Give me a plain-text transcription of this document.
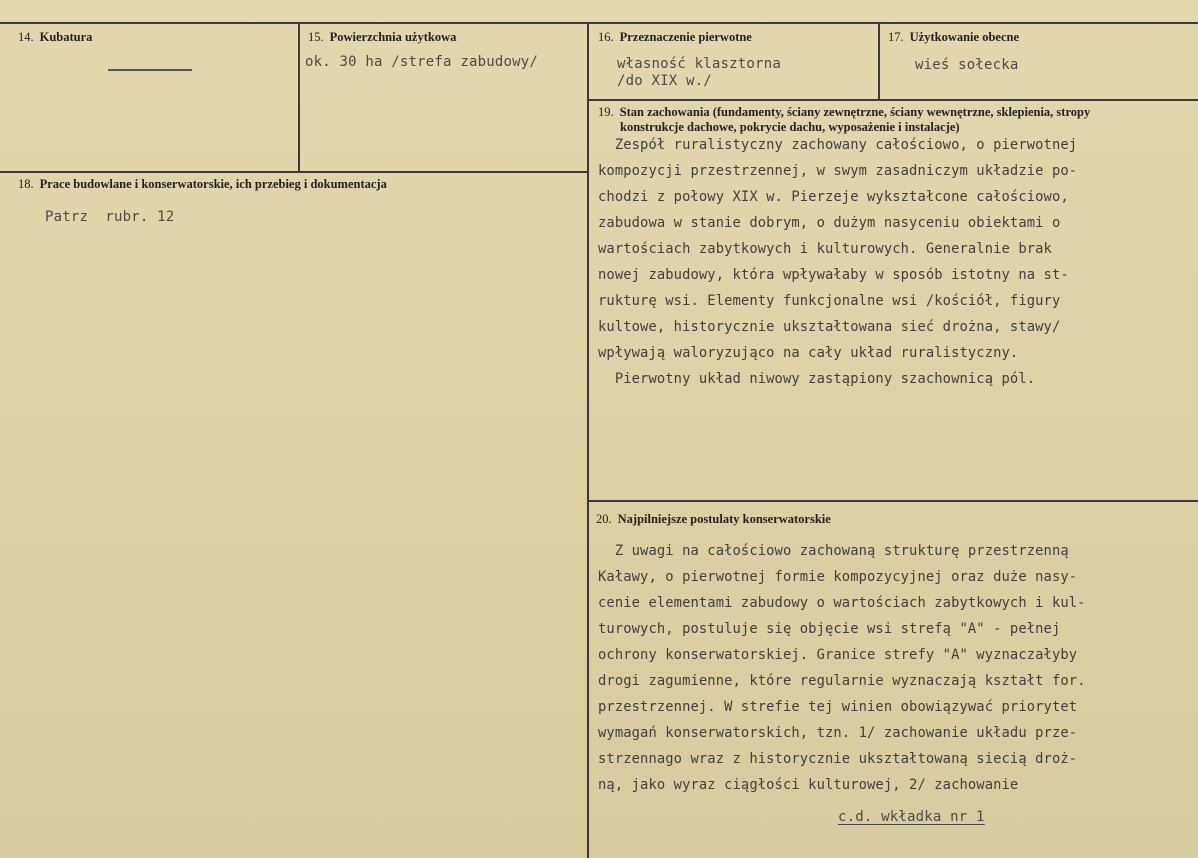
14. Kubatura	15. Powierzchnia użytkowa
ok. 30 ha /strefa zabudowy/
16. Przeznaczenie pierwotne
własność klasztorna
/do XIX w./
17. Użytkowanie obecne
wieś sołecka
18. Prace budowlane i konserwatorskie, ich przebieg i dokumentacja
Patrz  rubr. 12
19. Stan zachowania (fundamenty, ściany zewnętrzne, ściany wewnętrzne, sklepienia, stropy
konstrukcje dachowe, pokrycie dachu, wyposażenie i instalacje)
Zespół ruralistyczny zachowany całościowo, o pierwotnej
kompozycji przestrzennej, w swym zasadniczym układzie po-
chodzi z połowy XIX w. Pierzeje wykształcone całościowo,
zabudowa w stanie dobrym, o dużym nasyceniu obiektami o
wartościach zabytkowych i kulturowych. Generalnie brak
nowej zabudowy, która wpływałaby w sposób istotny na st-
rukturę wsi. Elementy funkcjonalne wsi /kościół, figury
kultowe, historycznie ukształtowana sieć drożna, stawy/
wpływają waloryzująco na cały układ ruralistyczny.
Pierwotny układ niwowy zastąpiony szachownicą pól.
20. Najpilniejsze postulaty konserwatorskie
Z uwagi na całościowo zachowaną strukturę przestrzenną
Kaławy, o pierwotnej formie kompozycyjnej oraz duże nasy-
cenie elementami zabudowy o wartościach zabytkowych i kul-
turowych, postuluje się objęcie wsi strefą "A" - pełnej
ochrony konserwatorskiej. Granice strefy "A" wyznaczałyby
drogi zagumienne, które regularnie wyznaczają kształt for.
przestrzennej. W strefie tej winien obowiązywać priorytet
wymagań konserwatorskich, tzn. 1/ zachowanie układu prze-
strzennago wraz z historycznie ukształtowaną siecią droż-
ną, jako wyraz ciągłości kulturowej, 2/ zachowanie
c.d. wkładka nr 1
